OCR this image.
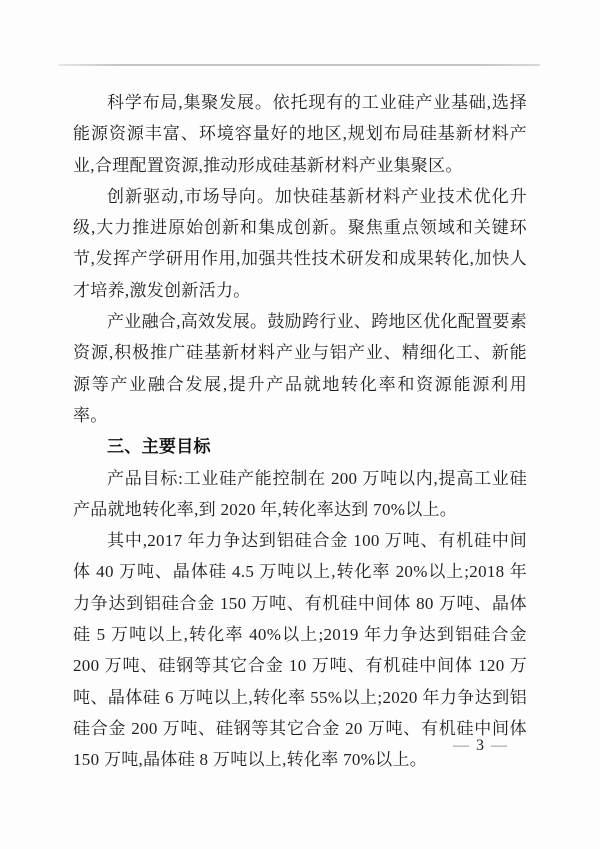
科学布局,集聚发展。依托现有的工业硅产业基础,选择能源资源丰富、环境容量好的地区,规划布局硅基新材料产业,合理配置资源,推动形成硅基新材料产业集聚区。

创新驱动,市场导向。加快硅基新材料产业技术优化升级,大力推进原始创新和集成创新。聚焦重点领域和关键环节,发挥产学研用作用,加强共性技术研发和成果转化,加快人才培养,激发创新活力。

产业融合,高效发展。鼓励跨行业、跨地区优化配置要素资源,积极推广硅基新材料产业与铝产业、精细化工、新能源等产业融合发展,提升产品就地转化率和资源能源利用率。

三、主要目标

产品目标:工业硅产能控制在 200 万吨以内,提高工业硅产品就地转化率,到 2020 年,转化率达到 70%以上。

其中,2017 年力争达到铝硅合金 100 万吨、有机硅中间体 40 万吨、晶体硅 4.5 万吨以上,转化率 20%以上;2018 年力争达到铝硅合金 150 万吨、有机硅中间体 80 万吨、晶体硅 5 万吨以上,转化率 40%以上;2019 年力争达到铝硅合金 200 万吨、硅钢等其它合金 10 万吨、有机硅中间体 120 万吨、晶体硅 6 万吨以上,转化率 55%以上;2020 年力争达到铝硅合金 200 万吨、硅钢等其它合金 20 万吨、有机硅中间体 150 万吨,晶体硅 8 万吨以上,转化率 70%以上。

— 3 —
